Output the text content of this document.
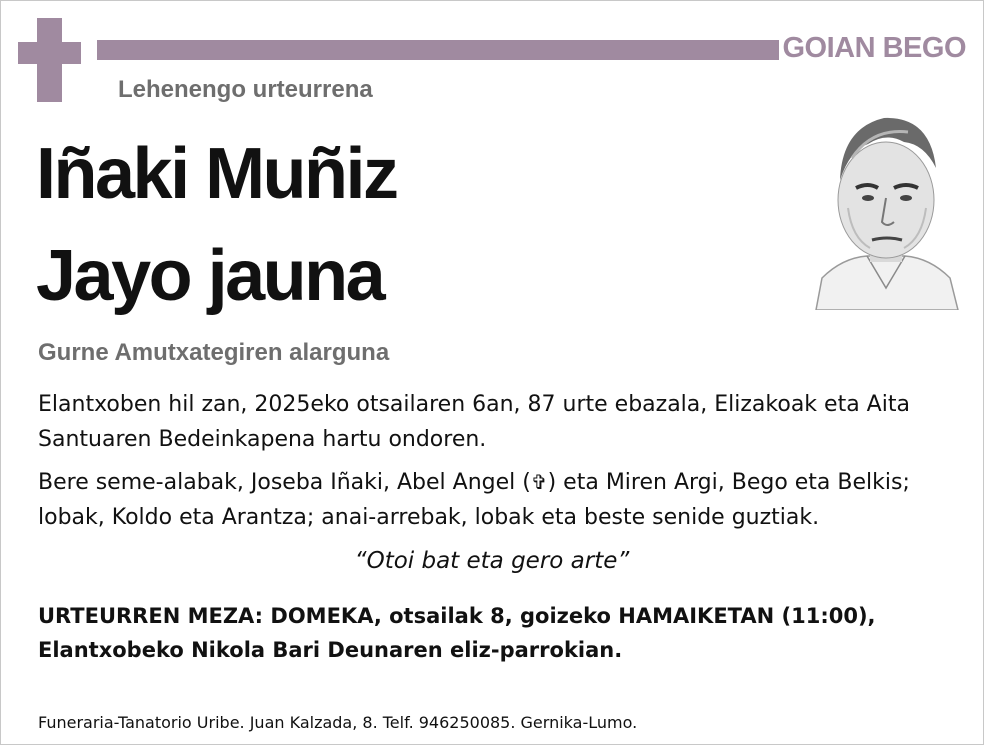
GOIAN BEGO
Lehenengo urteurrena
Iñaki Muñiz
Jayo jauna
Gurne Amutxategiren alarguna
Elantxoben hil zan, 2025eko otsailaren 6an, 87 urte ebazala, Elizakoak eta Aita Santuaren Bedeinkapena hartu ondoren.
Bere seme-alabak, Joseba Iñaki, Abel Angel (✞) eta Miren Argi, Bego eta Belkis; lobak, Koldo eta Arantza; anai-arrebak, lobak eta beste senide guztiak.
“Otoi bat eta gero arte”
URTEURREN MEZA: DOMEKA, otsailak 8, goizeko HAMAIKETAN (11:00), Elantxobeko Nikola Bari Deunaren eliz-parrokian.
Funeraria-Tanatorio Uribe. Juan Kalzada, 8. Telf. 946250085. Gernika-Lumo.
